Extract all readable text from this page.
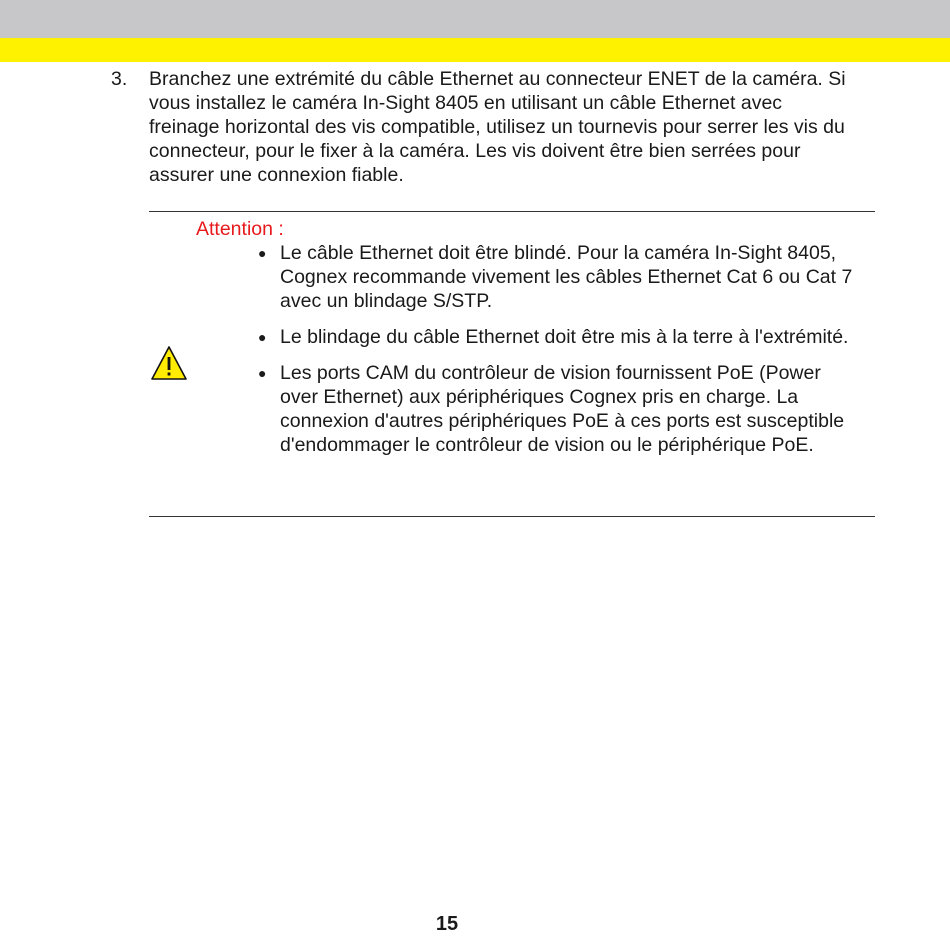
3. Branchez une extrémité du câble Ethernet au connecteur ENET de la caméra. Si vous installez le caméra In-Sight 8405 en utilisant un câble Ethernet avec freinage horizontal des vis compatible, utilisez un tournevis pour serrer les vis du connecteur, pour le fixer à la caméra. Les vis doivent être bien serrées pour assurer une connexion fiable.
Attention :
● Le câble Ethernet doit être blindé. Pour la caméra In-Sight 8405, Cognex recommande vivement les câbles Ethernet Cat 6 ou Cat 7 avec un blindage S/STP.
● Le blindage du câble Ethernet doit être mis à la terre à l'extrémité.
● Les ports CAM du contrôleur de vision fournissent PoE (Power over Ethernet) aux périphériques Cognex pris en charge. La connexion d'autres périphériques PoE à ces ports est susceptible d'endommager le contrôleur de vision ou le périphérique PoE.
15
